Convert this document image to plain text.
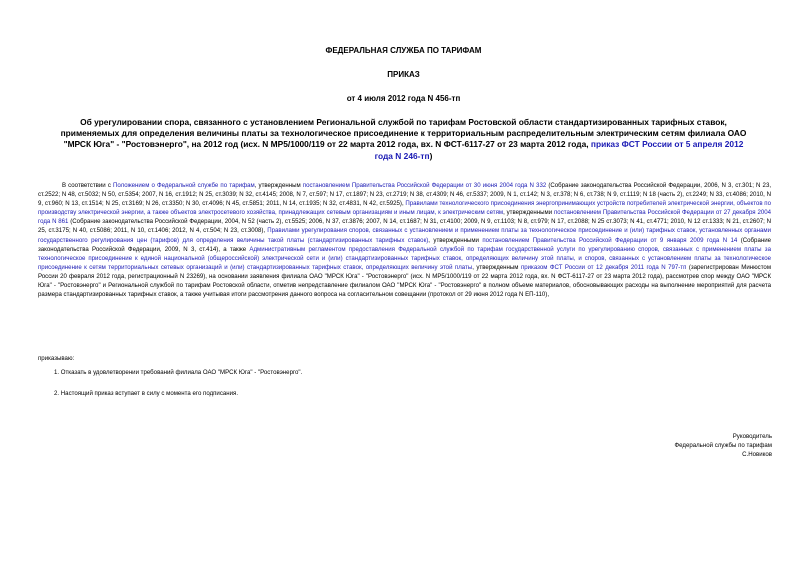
ФЕДЕРАЛЬНАЯ СЛУЖБА ПО ТАРИФАМ
ПРИКАЗ
от 4 июля 2012 года N 456-тп
Об урегулировании спора, связанного с установлением Региональной службой по тарифам Ростовской области стандартизированных тарифных ставок, применяемых для определения величины платы за технологическое присоединение к территориальным распределительным электрическим сетям филиала ОАО "МРСК Юга" - "Ростовэнерго", на 2012 год (исх. N МР5/1000/119 от 22 марта 2012 года, вх. N ФСТ-6117-27 от 23 марта 2012 года, приказ ФСТ России от 5 апреля 2012 года N 246-тп)
В соответствии с Положением о Федеральной службе по тарифам, утвержденным постановлением Правительства Российской Федерации от 30 июня 2004 года N 332 (Собрание законодательства Российской Федерации, 2006, N 3, ст.301; N 23, ст.2522; N 48, ст.5032; N 50, ст.5354; 2007, N 16, ст.1912; N 25, ст.3039; N 32, ст.4145; 2008, N 7, ст.597; N 17, ст.1897; N 23, ст.2719; N 38, ст.4309; N 46, ст.5337; 2009, N 1, ст.142; N 3, ст.378; N 6, ст.738; N 9, ст.1119; N 18 (часть 2), ст.2249; N 33, ст.4086; 2010, N 9, ст.960; N 13, ст.1514; N 25, ст.3169; N 26, ст.3350; N 30, ст.4096; N 45, ст.5851; 2011, N 14, ст.1935; N 32, ст.4831, N 42, ст.5925), Правилами технологического присоединения энергопринимающих устройств потребителей электрической энергии, объектов по производству электрической энергии, а также объектов электросетевого хозяйства, принадлежащих сетевым организациям и иным лицам, к электрическим сетям, утвержденными постановлением Правительства Российской Федерации от 27 декабря 2004 года N 861 (Собрание законодательства Российской Федерации, 2004, N 52 (часть 2), ст.5525; 2006, N 37, ст.3876; 2007, N 14, ст.1687; N 31, ст.4100; 2009, N 9, ст.1103; N 8, ст.979; N 17, ст.2088; N 25 ст.3073; N 41, ст.4771; 2010, N 12 ст.1333; N 21, ст.2607; N 25, ст.3175; N 40, ст.5086; 2011, N 10, ст.1406; 2012, N 4, ст.504; N 23, ст.3008), Правилами урегулирования споров, связанных с установлением и применением платы за технологическое присоединение и (или) тарифных ставок, установленных органами государственного регулирования цен (тарифов) для определения величины такой платы (стандартизированных тарифных ставок), утвержденными постановлением Правительства Российской Федерации от 9 января 2009 года N 14 (Собрание законодательства Российской Федерации, 2009, N 3, ст.414), а также Административным регламентом предоставления Федеральной службой по тарифам государственной услуги по урегулированию споров, связанных с применением платы за технологическое присоединение к единой национальной (общероссийской) электрической сети и (или) стандартизированных тарифных ставок, определяющих величину этой платы, и споров, связанных с установлением платы за технологическое присоединение к сетям территориальных сетевых организаций и (или) стандартизированных тарифных ставок, определяющих величину этой платы, утвержденным приказом ФСТ России от 12 декабря 2011 года N 797-тп (зарегистрирован Минюстом России 20 февраля 2012 года, регистрационный N 23269), на основании заявления филиала ОАО "МРСК Юга" - "Ростовэнерго" (исх. N МР5/1000/119 от 22 марта 2012 года, вх. N ФСТ-6117-27 от 23 марта 2012 года), рассмотрев спор между ОАО "МРСК Юга" - "Ростовэнерго" и Региональной службой по тарифам Ростовской области, отметив непредставление филиалом ОАО "МРСК Юга" - "Ростовэнерго" в полном объеме материалов, обосновывающих расходы на выполнение мероприятий для расчета размера стандартизированных тарифных ставок, а также учитывая итоги рассмотрения данного вопроса на согласительном совещании (протокол от 29 июня 2012 года N ЕП-110),
приказываю:
1. Отказать в удовлетворении требований филиала ОАО "МРСК Юга" - "Ростовэнерго".
2. Настоящий приказ вступает в силу с момента его подписания.
Руководитель
Федеральной службы по тарифам
С.Новиков
